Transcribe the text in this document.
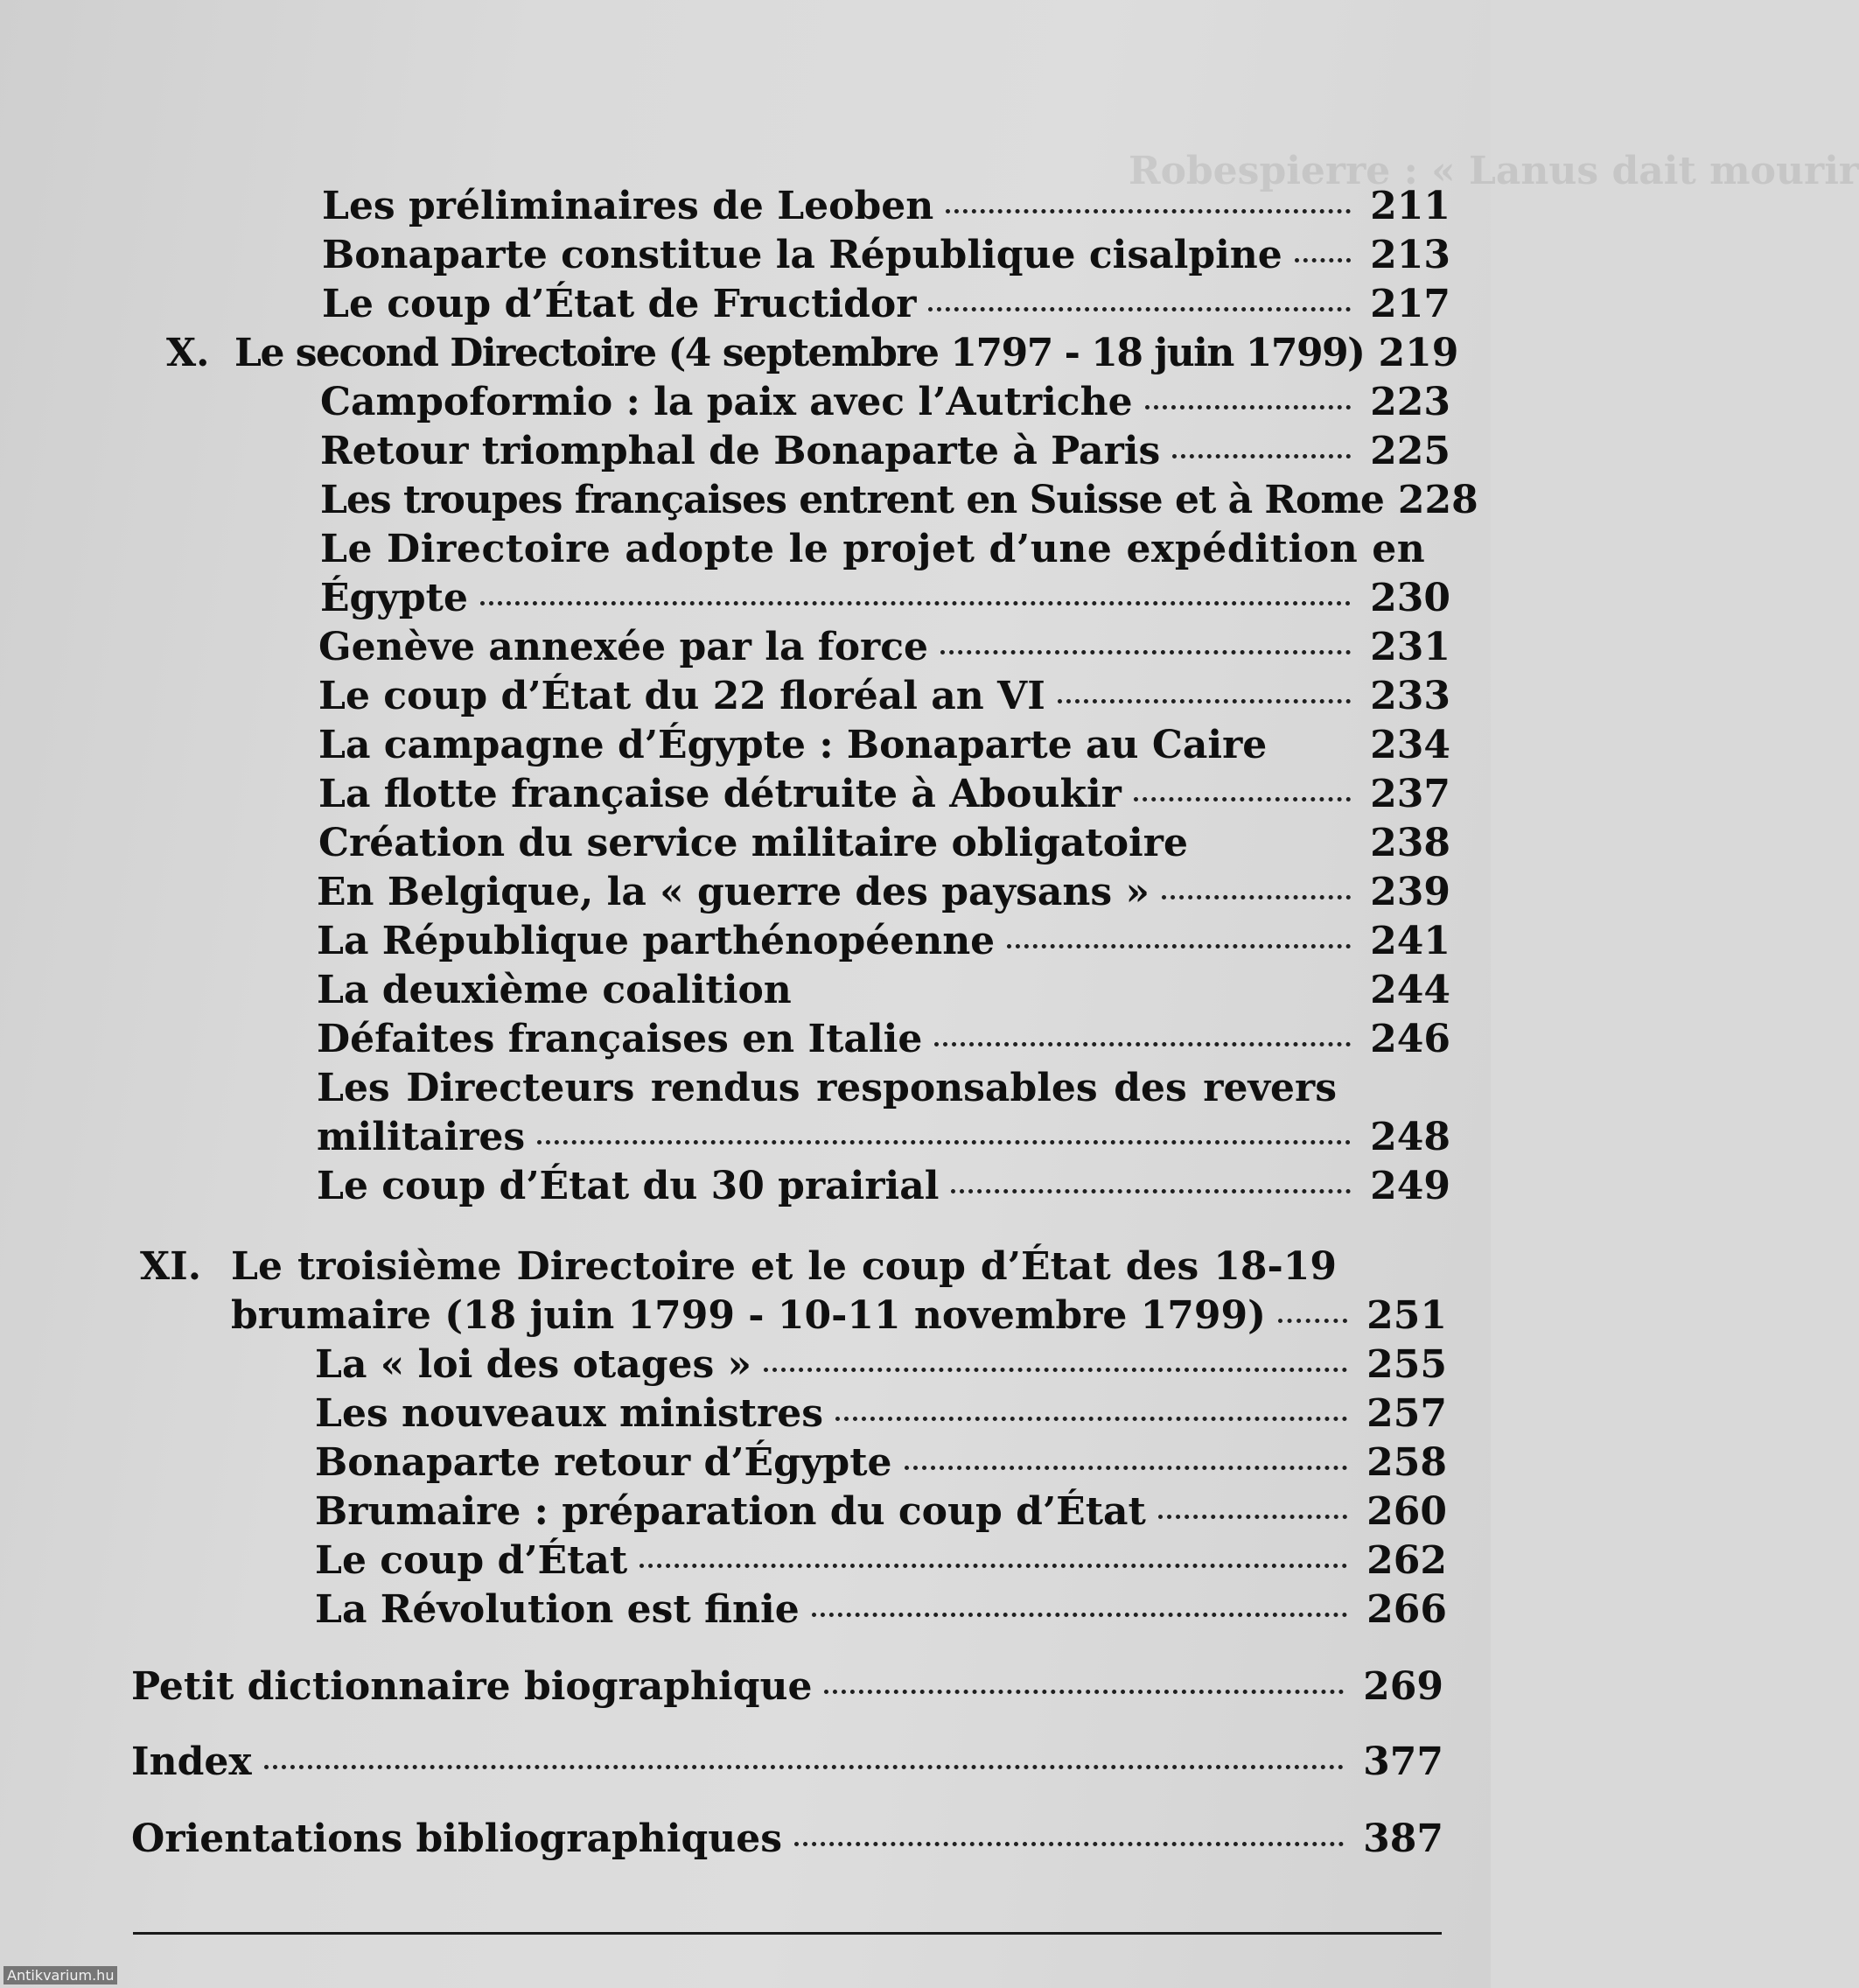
Robespierre : « Lanus dait mourir
Les préliminaires de Leoben	211
Bonaparte constitue la République cisalpine 213
Le coup d’État de Fructidor	217
X. Le second Directoire (4 septembre 1797 - 18 juin 1799) 219
Campoformio : la paix avec l’Autriche	223
Retour triomphal de Bonaparte à Paris	225
Les troupes françaises entrent en Suisse et à Rome 228
Le Directoire adopte le projet d’une expédition en
Égypte	230
Genève annexée par la force	231
Le coup d’État du 22 floréal an VI	233
La campagne d’Égypte : Bonaparte au Caire	234
La flotte française détruite à Aboukir	237
Création du service militaire obligatoire	238
En Belgique, la « guerre des paysans »	239
La République parthénopéenne	241
La deuxième coalition	244
Défaites françaises en Italie	246
Les Directeurs rendus responsables des revers
militaires	248
Le coup d’État du 30 prairial	249
XI. Le troisième Directoire et le coup d’État des 18-19
brumaire (18 juin 1799 - 10-11 novembre 1799)	251
La « loi des otages »	255
Les nouveaux ministres	257
Bonaparte retour d’Égypte	258
Brumaire : préparation du coup d’État	260
Le coup d’État	262
La Révolution est finie	266
Petit dictionnaire biographique	269
Index	377
Orientations bibliographiques	387
Antikvarium.hu
